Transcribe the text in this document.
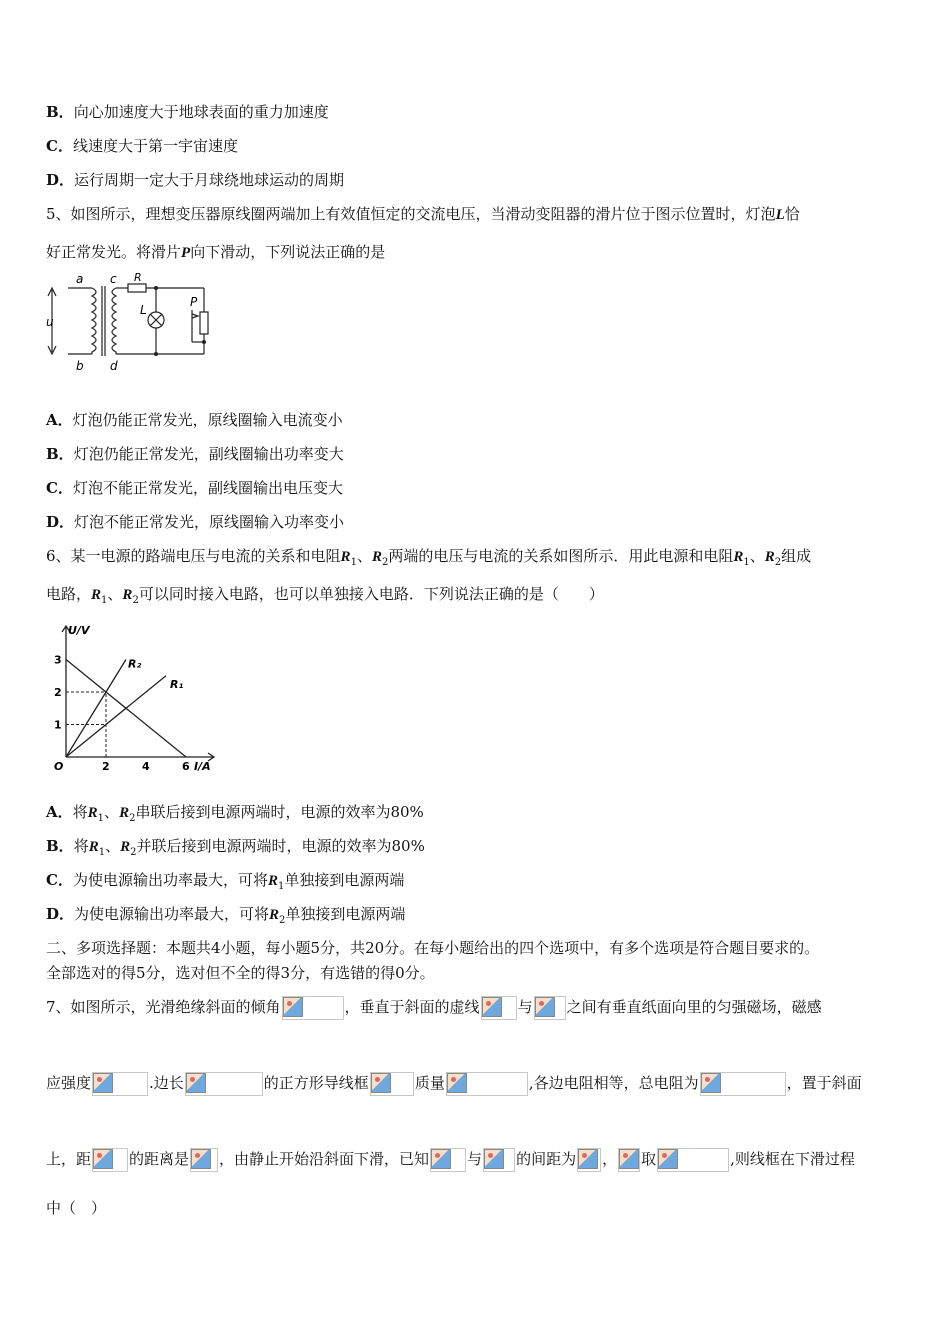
B．向心加速度大于地球表面的重力加速度
C．线速度大于第一宇宙速度
D．运行周期一定大于月球绕地球运动的周期
5、如图所示，理想变压器原线圈两端加上有效值恒定的交流电压，当滑动变阻器的滑片位于图示位置时，灯泡L恰
好正常发光。将滑片P向下滑动，下列说法正确的是
a
b
c
d
u
R
L
P
A．灯泡仍能正常发光，原线圈输入电流变小
B．灯泡仍能正常发光，副线圈输出功率变大
C．灯泡不能正常发光，副线圈输出电压变大
D．灯泡不能正常发光，原线圈输入功率变小
6、某一电源的路端电压与电流的关系和电阻$R_1$、$R_2$两端的电压与电流的关系如图所示．用此电源和电阻$R_1$、$R_2$组成
电路，$R_1$、$R_2$可以同时接入电路，也可以单独接入电路．下列说法正确的是（　　）
2	4	6
1
2
3	R₂
R₁
U/V
I/A
O
A．将$R_1$、$R_2$串联后接到电源两端时，电源的效率为80%
B．将$R_1$、$R_2$并联后接到电源两端时，电源的效率为80%
C．为使电源输出功率最大，可将$R_1$单独接到电源两端
D．为使电源输出功率最大，可将$R_2$单独接到电源两端
二、多项选择题：本题共4小题，每小题5分，共20分。在每小题给出的四个选项中，有多个选项是符合题目要求的。
全部选对的得5分，选对但不全的得3分，有选错的得0分。
7、如图所示，光滑绝缘斜面的倾角	，垂直于斜面的虚线	与 之间有垂直纸面向里的匀强磁场，磁感
应强度	.边长	的正方形导线框	质量	,各边电阻相等，总电阻为	，置于斜面
上，距	的距离是 ，由静止开始沿斜面下滑，已知	与 的间距为 ， 取	,则线框在下滑过程
中（　）
